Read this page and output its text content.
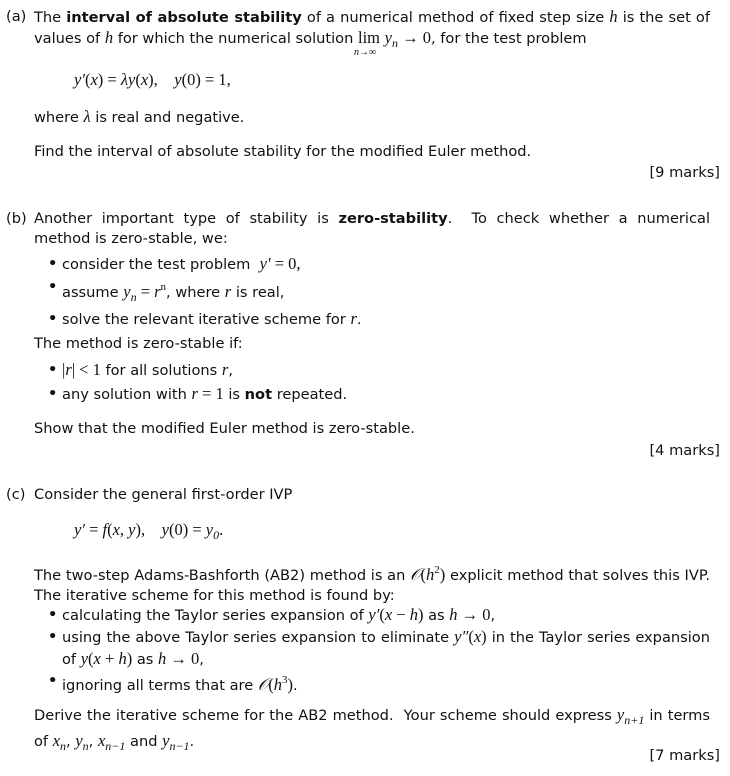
(a) The interval of absolute stability of a numerical method of fixed step size h is the set of values of h for which the numerical solution lim
n→∞
$y_n \to 0$, for the test problem
y′(x) = λy(x),    y(0) = 1,
where λ is real and negative.
Find the interval of absolute stability for the modified Euler method.
[9 marks]
(b) Another important type of stability is zero-stability.  To check whether a numerical method is zero-stable, we:
• consider the test problem  y′ = 0,
• assume $y_n = r^n$, where r is real,
• solve the relevant iterative scheme for r.
The method is zero-stable if:
• |r| < 1 for all solutions r,
• any solution with r = 1 is not repeated.
Show that the modified Euler method is zero-stable.
[4 marks]
(c) Consider the general first-order IVP
y′ = f(x, y),    $y(0) = y_0$.
The two-step Adams-Bashforth (AB2) method is an $𝒪(h^2)$ explicit method that solves this IVP. The iterative scheme for this method is found by:
• calculating the Taylor series expansion of y′(x − h) as h → 0,
• using the above Taylor series expansion to eliminate y″(x) in the Taylor series expansion of y(x + h) as h → 0,
• ignoring all terms that are $𝒪(h^3)$.
Derive the iterative scheme for the AB2 method.  Your scheme should express $y_{n+1}$ in terms of $x_n$, $y_n$, $x_{n-1}$ and $y_{n-1}$.
[7 marks]
